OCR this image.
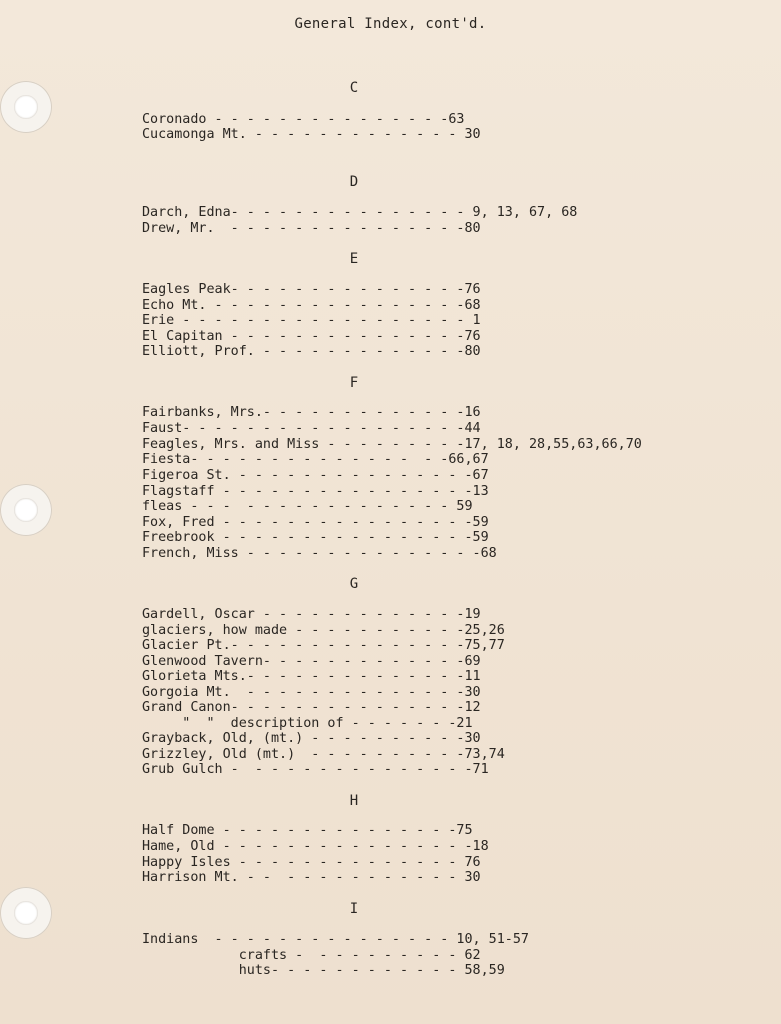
General Index, cont'd.
C
Coronado - - - - - - - - - - - - - - -63
Cucamonga Mt. - - - - - - - - - - - - - 30
D
Darch, Edna- - - - - - - - - - - - - - - 9, 13, 67, 68
Drew, Mr.  - - - - - - - - - - - - - - -80
E
Eagles Peak- - - - - - - - - - - - - - -76
Echo Mt. - - - - - - - - - - - - - - - -68
Erie - - - - - - - - - - - - - - - - - - 1
El Capitan - - - - - - - - - - - - - - -76
Elliott, Prof. - - - - - - - - - - - - -80
F
Fairbanks, Mrs.- - - - - - - - - - - - -16
Faust- - - - - - - - - - - - - - - - - -44
Feagles, Mrs. and Miss - - - - - - - - -17, 18, 28,55,63,66,70
Fiesta- - - - - - - - - - - - - -  - -66,67
Figeroa St. - - - - - - - - - - - - - - -67
Flagstaff - - - - - - - - - - - - - - - -13
fleas - - -  - - - - - - - - - - - - - 59
Fox, Fred - - - - - - - - - - - - - - - -59
Freebrook - - - - - - - - - - - - - - - -59
French, Miss - - - - - - - - - - - - - - -68
G
Gardell, Oscar - - - - - - - - - - - - -19
glaciers, how made - - - - - - - - - - -25,26
Glacier Pt.- - - - - - - - - - - - - - -75,77
Glenwood Tavern- - - - - - - - - - - - -69
Glorieta Mts.- - - - - - - - - - - - - -11
Gorgoia Mt.  - - - - - - - - - - - - - -30
Grand Canon- - - - - - - - - - - - - - -12
"  "  description of - - - - - - -21
Grayback, Old, (mt.) - - - - - - - - - -30
Grizzley, Old (mt.)  - - - - - - - - - -73,74
Grub Gulch -  - - - - - - - - - - - - - -71
H
Half Dome - - - - - - - - - - - - - - -75
Hame, Old - - - - - - - - - - - - - - - -18
Happy Isles - - - - - - - - - - - - - - 76
Harrison Mt. - -  - - - - - - - - - - - 30
I
Indians  - - - - - - - - - - - - - - - 10, 51-57
crafts -  - - - - - - - - - 62
huts- - - - - - - - - - - - 58,59
